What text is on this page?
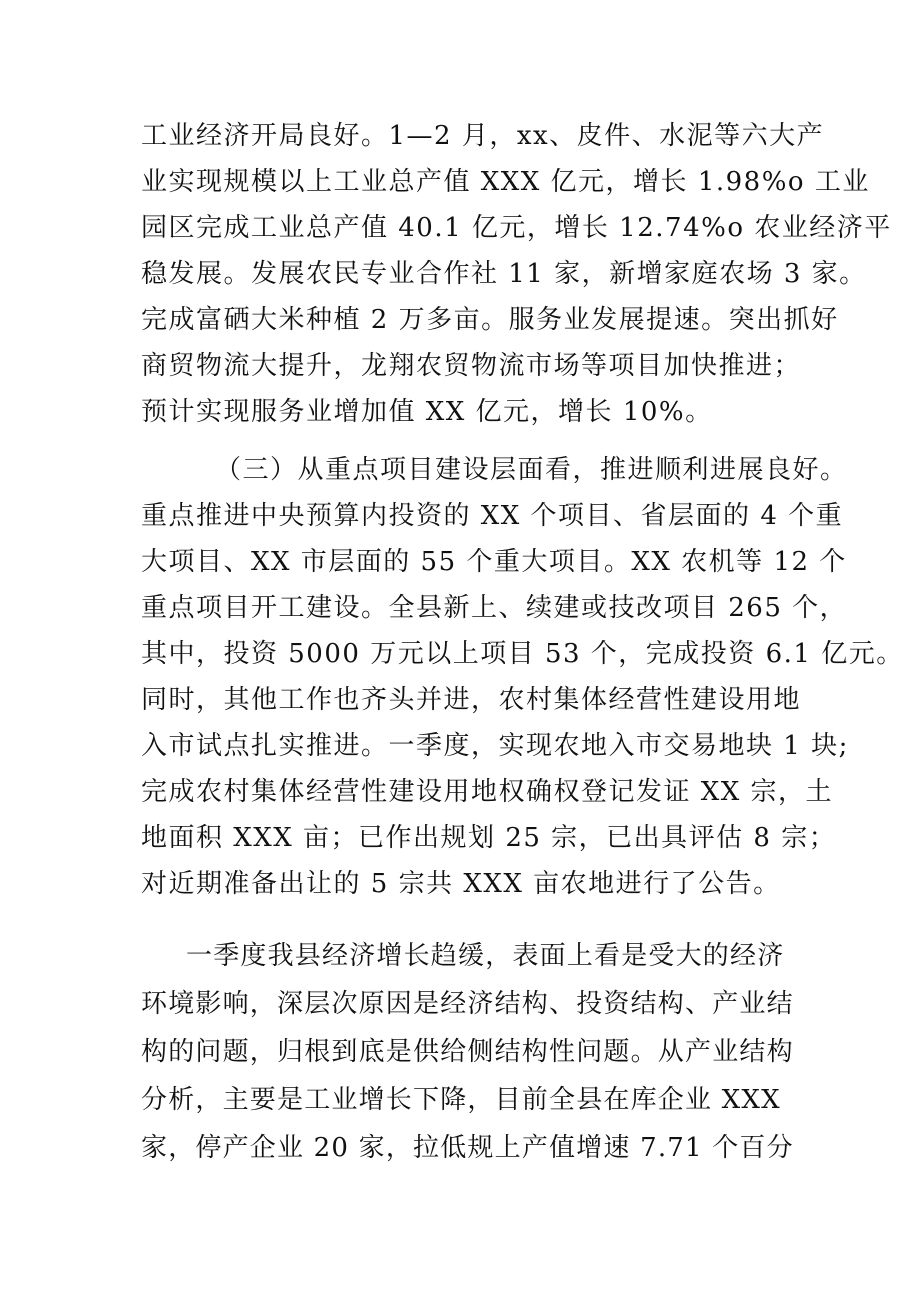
工业经济开局良好。1—2 月，xx、皮件、水泥等六大产
业实现规模以上工业总产值 XXX 亿元，增长 1.98%o 工业
园区完成工业总产值 40.1 亿元，增长 12.74%o 农业经济平
稳发展。发展农民专业合作社 11 家，新增家庭农场 3 家。
完成富硒大米种植 2 万多亩。服务业发展提速。突出抓好
商贸物流大提升，龙翔农贸物流市场等项目加快推进；
预计实现服务业增加值 XX 亿元，增长 10%。
（三）从重点项目建设层面看，推进顺利进展良好。
重点推进中央预算内投资的 XX 个项目、省层面的 4 个重
大项目、XX 市层面的 55 个重大项目。XX 农机等 12 个
重点项目开工建设。全县新上、续建或技改项目 265 个，
其中，投资 5000 万元以上项目 53 个，完成投资 6.1 亿元。
同时，其他工作也齐头并进，农村集体经营性建设用地
入市试点扎实推进。一季度，实现农地入市交易地块 1 块;
完成农村集体经营性建设用地权确权登记发证 XX 宗，土
地面积 XXX 亩；已作出规划 25 宗，已出具评估 8 宗；
对近期准备出让的 5 宗共 XXX 亩农地进行了公告。
一季度我县经济增长趋缓，表面上看是受大的经济
环境影响，深层次原因是经济结构、投资结构、产业结
构的问题，归根到底是供给侧结构性问题。从产业结构
分析，主要是工业增长下降，目前全县在库企业 XXX
家，停产企业 20 家，拉低规上产值增速 7.71 个百分
